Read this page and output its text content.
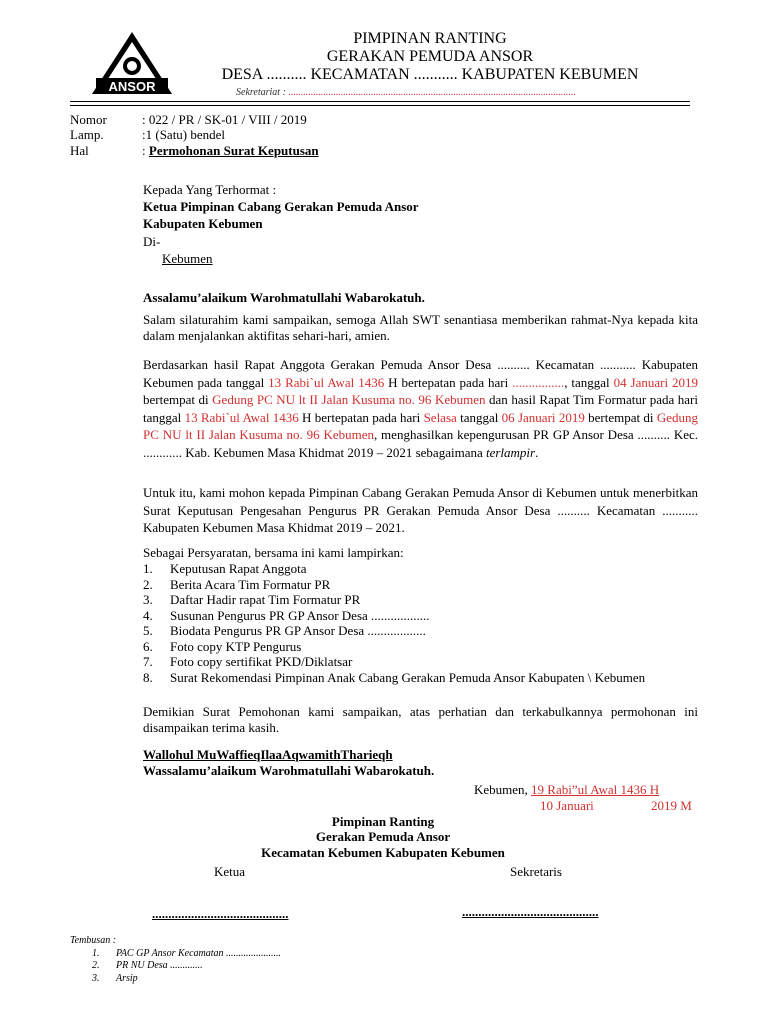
ANSOR
PIMPINAN RANTING
GERAKAN PEMUDA ANSOR
DESA .......... KECAMATAN ........... KABUPATEN KEBUMEN
Sekretariat : ...................................................................................................................
Nomor	: 022 / PR / SK-01 / VIII / 2019
Lamp.	:1 (Satu) bendel
Hal	: Permohonan Surat Keputusan
Kepada Yang Terhormat :
Ketua Pimpinan Cabang Gerakan Pemuda Ansor
Kabupaten Kebumen
Di-
Kebumen
Assalamu’alaikum Warohmatullahi Wabarokatuh.
Salam silaturahim kami sampaikan, semoga Allah SWT senantiasa memberikan rahmat-Nya kepada kita dalam menjalankan aktifitas sehari-hari, amien.
Berdasarkan hasil Rapat Anggota Gerakan Pemuda Ansor Desa .......... Kecamatan ........... Kabupaten Kebumen pada tanggal 13 Rabi`ul Awal 1436 H bertepatan pada hari ................, tanggal 04 Januari 2019 bertempat di Gedung PC NU lt II Jalan Kusuma no. 96 Kebumen dan hasil Rapat Tim Formatur pada hari tanggal 13 Rabi`ul Awal 1436 H bertepatan pada hari Selasa tanggal 06 Januari 2019 bertempat di Gedung PC NU lt II Jalan Kusuma no. 96 Kebumen, menghasilkan kepengurusan PR GP Ansor Desa .......... Kec. ............ Kab. Kebumen Masa Khidmat 2019 – 2021 sebagaimana terlampir.
Untuk itu, kami mohon kepada Pimpinan Cabang Gerakan Pemuda Ansor di Kebumen untuk menerbitkan Surat Keputusan Pengesahan Pengurus PR Gerakan Pemuda Ansor Desa .......... Kecamatan ........... Kabupaten Kebumen Masa Khidmat 2019 – 2021.
Sebagai Persyaratan, bersama ini kami lampirkan:
1. Keputusan Rapat Anggota
2. Berita Acara Tim Formatur PR
3. Daftar Hadir rapat Tim Formatur PR
4. Susunan Pengurus PR GP Ansor Desa ..................
5. Biodata Pengurus PR GP Ansor Desa ..................
6. Foto copy KTP Pengurus
7. Foto copy sertifikat PKD/Diklatsar
8. Surat Rekomendasi Pimpinan Anak Cabang Gerakan Pemuda Ansor Kabupaten \ Kebumen
Demikian Surat Pemohonan kami sampaikan, atas perhatian dan terkabulkannya permohonan ini disampaikan terima kasih.
Wallohul MuWaffieqIlaaAqwamithTharieqh
Wassalamu’alaikum Warohmatullahi Wabarokatuh.
Kebumen, 19 Rabi”ul Awal 1436 H
10 Januari	2019 M
Pimpinan Ranting
Gerakan Pemuda Ansor
Kecamatan Kebumen Kabupaten Kebumen
Ketua	Sekretaris
..........................................	..........................................
Tembusan :
1. PAC GP Ansor Kecamatan ......................
2. PR NU Desa .............
3. Arsip
